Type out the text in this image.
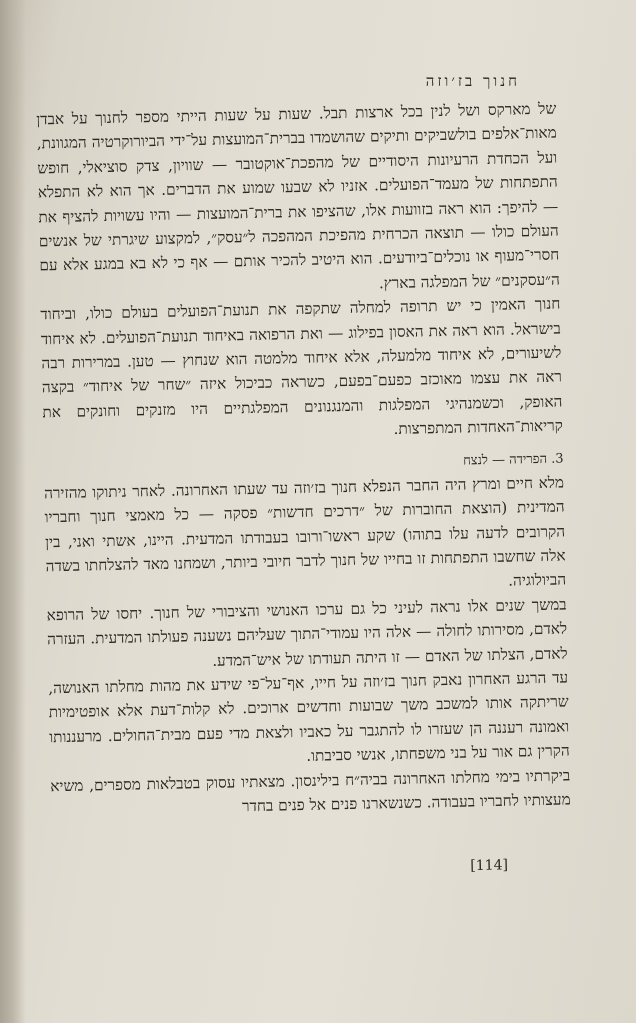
חנוך בז׳וזה

של מארקס ושל לנין בכל ארצות תבל. שעות על שעות הייתי מספר לחנוך על אבדן מאות־אלפים בולשביקים ותיקים שהושמדו בברית־המועצות על־ידי הביורוקרטיה המגוונת, ועל הכחדת הרעיונות היסודיים של מהפכת־אוקטובר — שוויון, צדק סוציאלי, חופש התפתחות של מעמד־הפועלים. אזניו לא שבעו שמוע את הדברים. אך הוא לא התפלא — להיפך: הוא ראה בזוועות אלו, שהציפו את ברית־המועצות — והיו עשויות להציף את העולם כולו — תוצאה הכרחית מהפיכת המהפכה ל״עסק״, למקצוע שיגרתי של אנשים חסרי־מעוף או נוכלים־ביודעים. הוא היטיב להכיר אותם — אף כי לא בא במגע אלא עם ה״עסקנים״ של המפלגה בארץ.

חנוך האמין כי יש תרופה למחלה שתקפה את תנועת־הפועלים בעולם כולו, וביחוד בישראל. הוא ראה את האסון בפילוג — ואת הרפואה באיחוד תנועת־הפועלים. לא איחוד לשיעורים, לא איחוד מלמעלה, אלא איחוד מלמטה הוא שנחוץ — טען. במרירות רבה ראה את עצמו מאוכזב כפעם־בפעם, כשראה כביכול איזה ״שחר של איחוד״ בקצה האופק, וכשמנהיגי המפלגות והמנגנונים המפלגתיים היו מזנקים וחונקים את קריאות־האחדות המתפרצות.

3. הפרידה — לנצח

מלא חיים ומרץ היה החבר הנפלא חנוך בז׳וזה עד שעתו האחרונה. לאחר ניתוקו מהזירה המדינית (הוצאת החוברות של ״דרכים חדשות״ פסקה — כל מאמצי חנוך וחבריו הקרובים לדעה עלו בתוהו) שקע ראשו־ורובו בעבודתו המדעית. היינו, אשתי ואני, בין אלה שחשבו התפתחות זו בחייו של חנוך לדבר חיובי ביותר, ושמחנו מאד להצלחתו בשדה הביולוגיה.

במשך שנים אלו נראה לעיני כל גם ערכו האנושי והציבורי של חנוך. יחסו של הרופא לאדם, מסירותו לחולה — אלה היו עמודי־התוך שעליהם נשענה פעולתו המדעית. העזרה לאדם, הצלתו של האדם — זו היתה תעודתו של איש־המדע.

עד הרגע האחרון נאבק חנוך בז׳וזה על חייו, אף־על־פי שידע את מהות מחלתו האנושה, שריתקה אותו למשכב משך שבועות וחדשים ארוכים. לא קלות־דעת אלא אופטימיות ואמונה רעננה הן שעזרו לו להתגבר על כאביו ולצאת מדי פעם מבית־החולים. מרעננותו הקרין גם אור על בני משפחתו, אנשי סביבתו.

ביקרתיו בימי מחלתו האחרונה בביה״ח בילינסון. מצאתיו עסוק בטבלאות מספרים, משיא מעצותיו לחבריו בעבודה. כשנשארנו פנים אל פנים בחדר

[114]
